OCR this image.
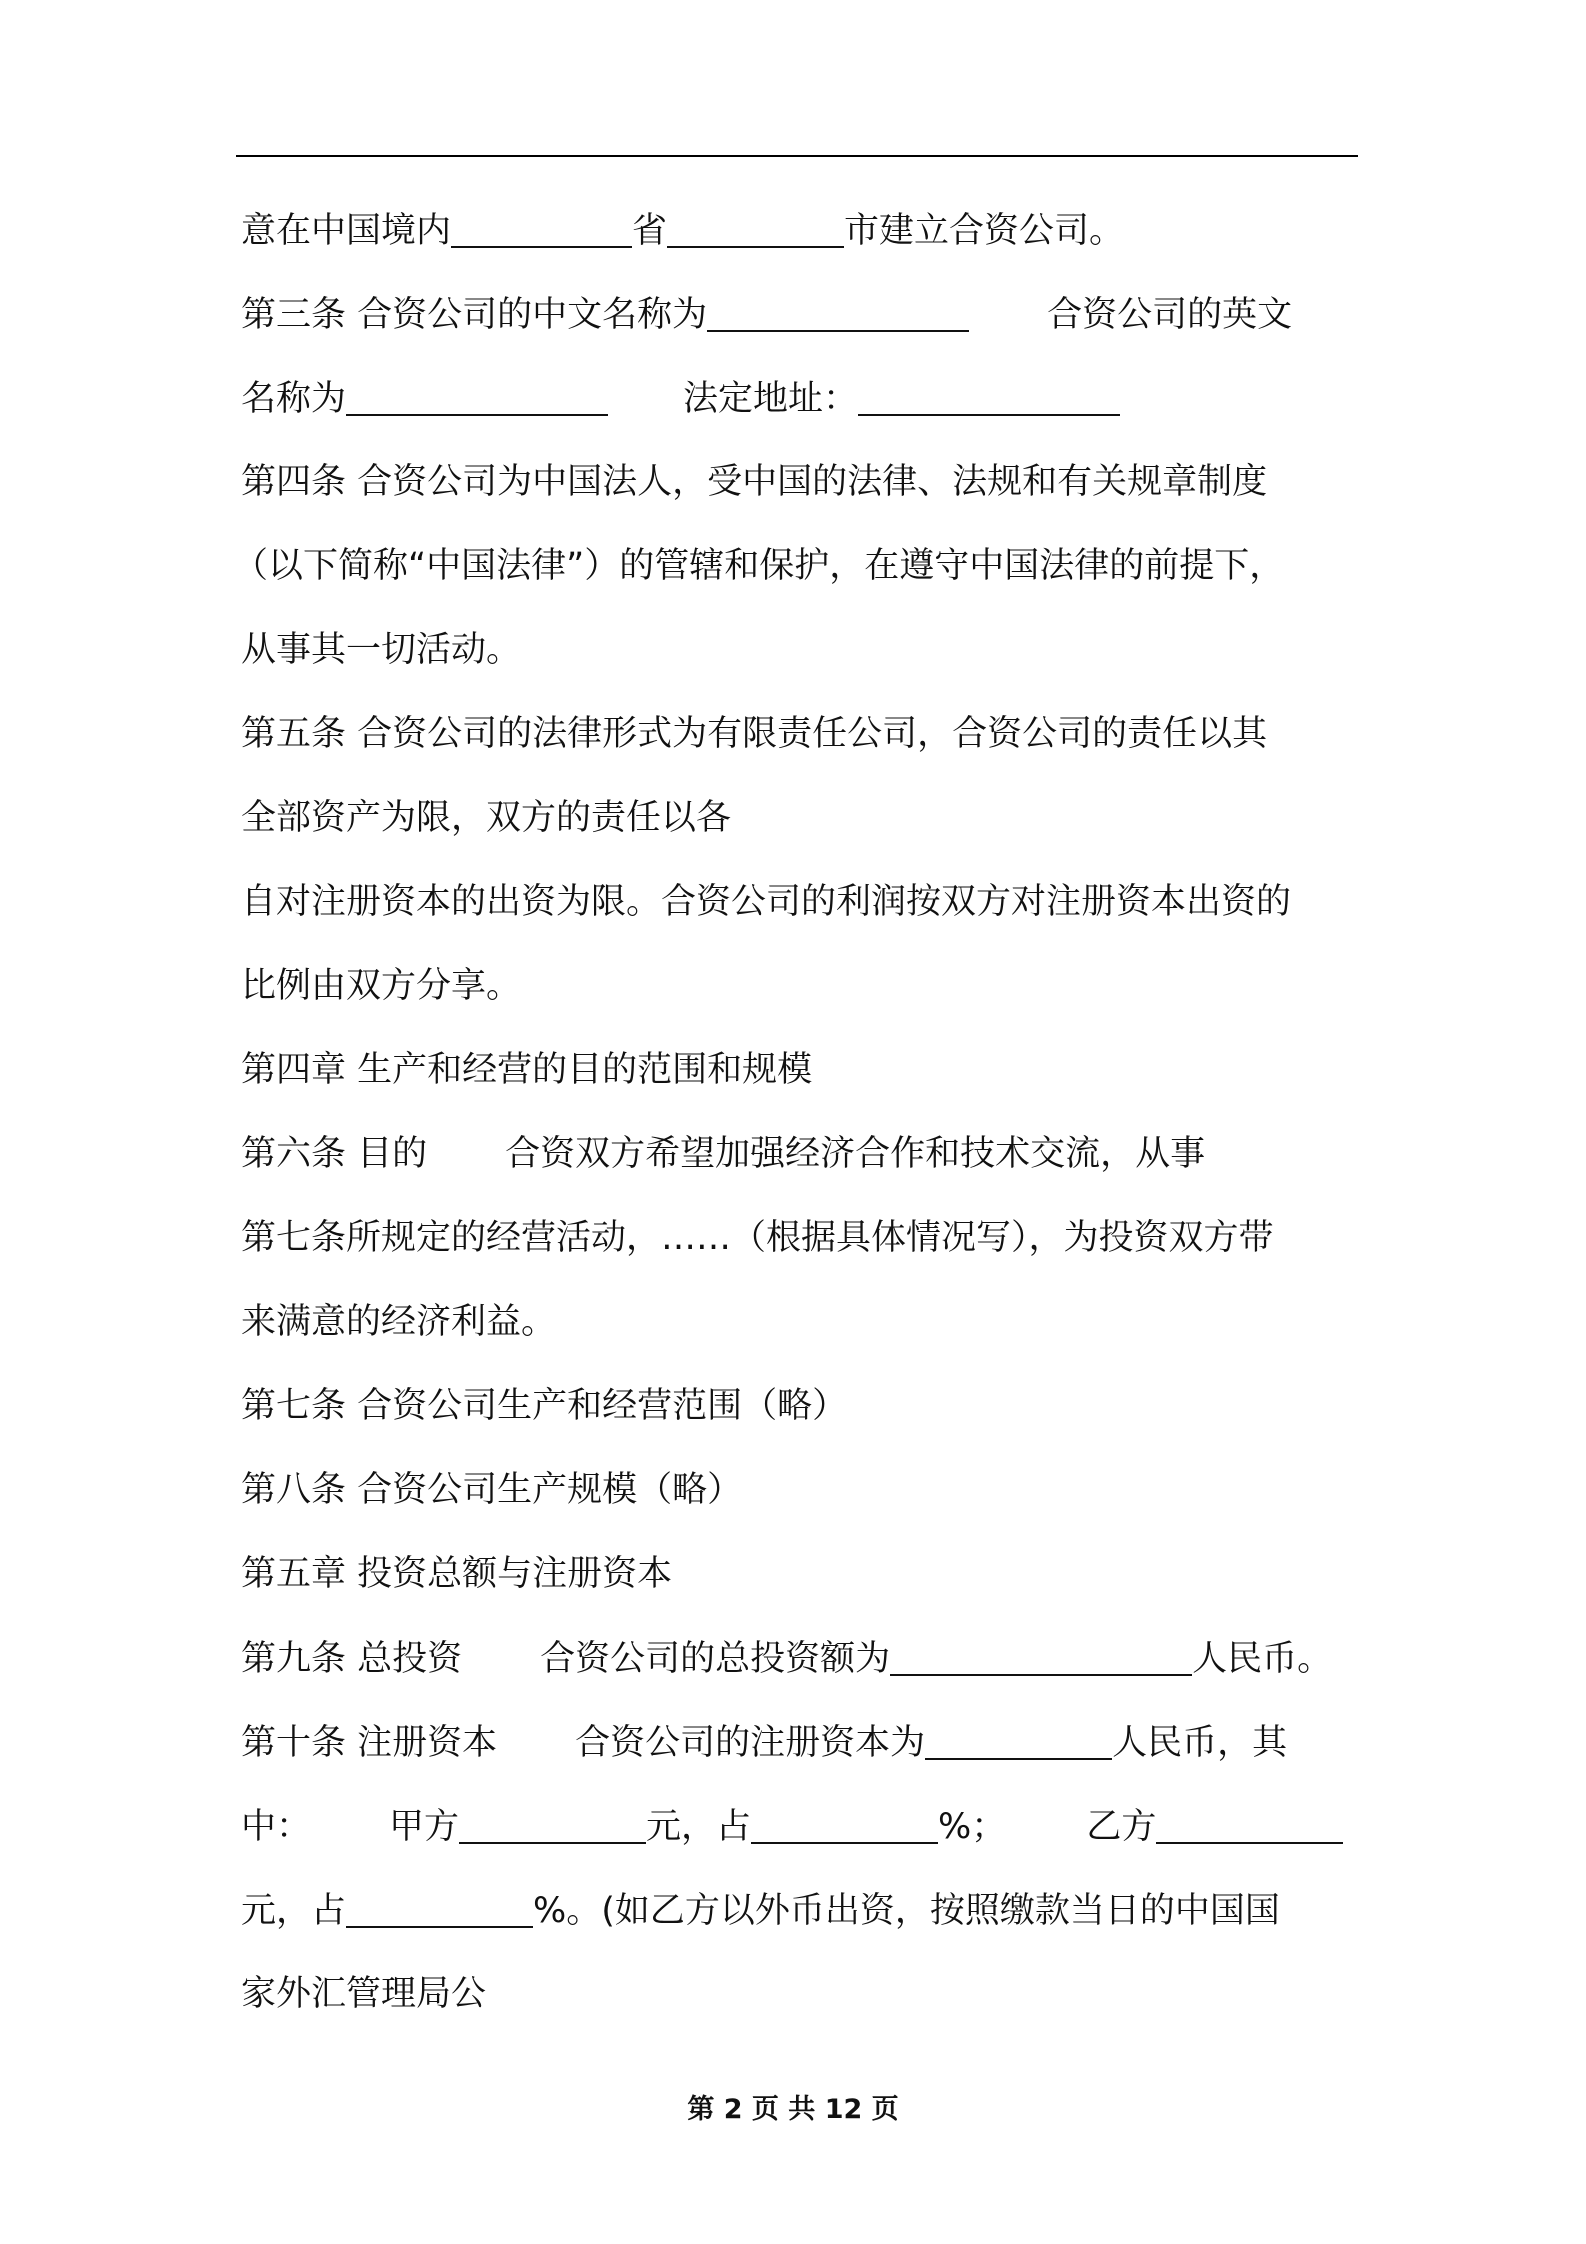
意在中国境内	省	市建立合资公司。
第三条 合资公司的中文名称为	合资公司的英文
名称为	法定地址：
第四条 合资公司为中国法人，受中国的法律、法规和有关规章制度
（以下简称“中国法律”）的管辖和保护，在遵守中国法律的前提下，
从事其一切活动。
第五条 合资公司的法律形式为有限责任公司，合资公司的责任以其
全部资产为限，双方的责任以各
自对注册资本的出资为限。合资公司的利润按双方对注册资本出资的
比例由双方分享。
第四章 生产和经营的目的范围和规模
第六条 目的 合资双方希望加强经济合作和技术交流，从事
第七条所规定的经营活动，……（根据具体情况写），为投资双方带
来满意的经济利益。
第七条 合资公司生产和经营范围（略）
第八条 合资公司生产规模（略）
第五章 投资总额与注册资本
第九条 总投资 合资公司的总投资额为	人民币。
第十条 注册资本 合资公司的注册资本为	人民币，其
中： 甲方	元，占	%； 乙方
元，占	%。(如乙方以外币出资，按照缴款当日的中国国
家外汇管理局公
第 2 页 共 12 页
